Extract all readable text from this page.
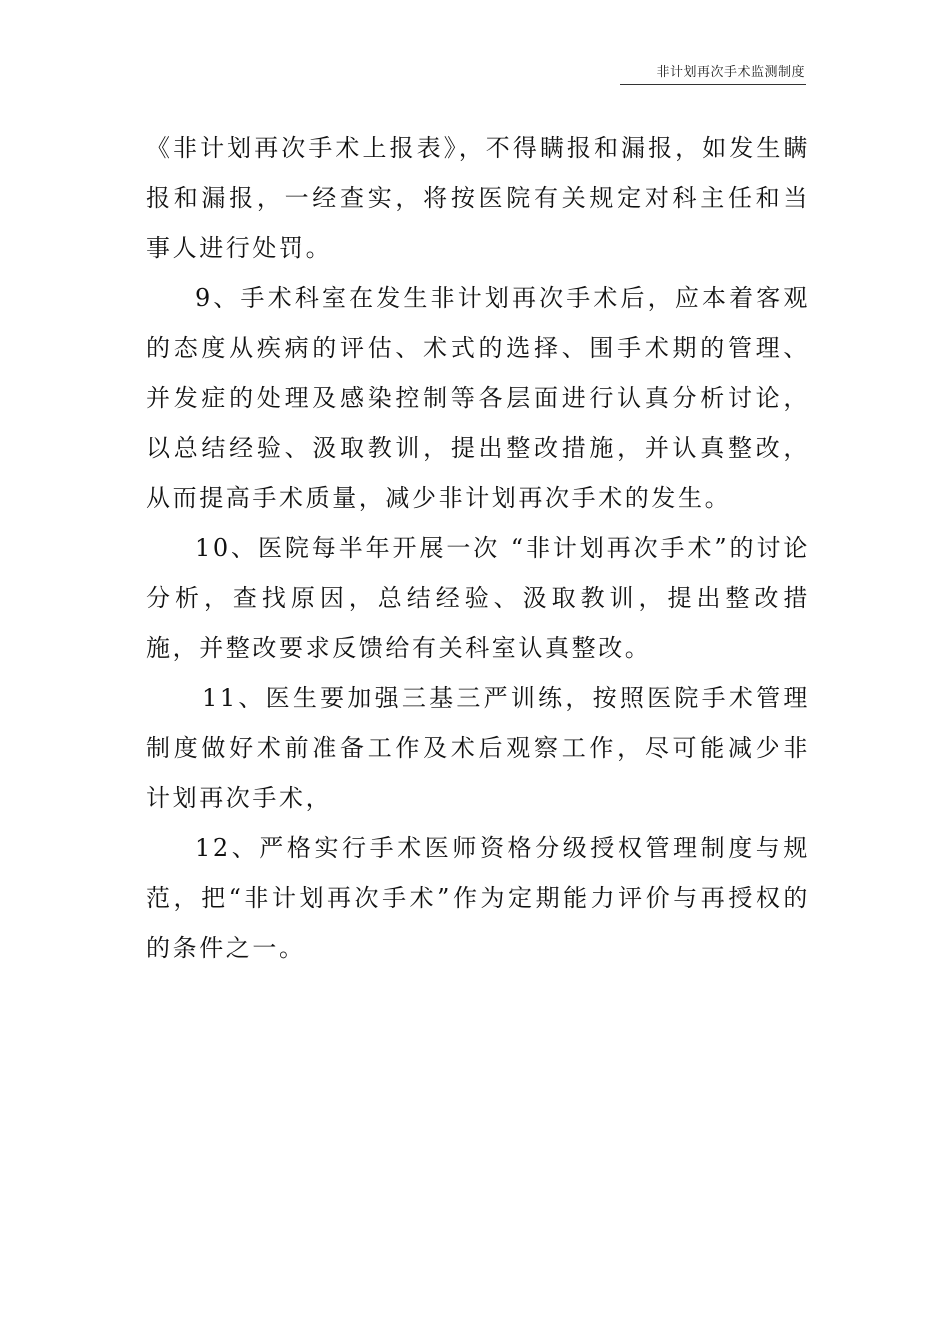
非计划再次手术监测制度

《非计划再次手术上报表》，不得瞒报和漏报，如发生瞒报和漏报，一经查实，将按医院有关规定对科主任和当事人进行处罚。

9、手术科室在发生非计划再次手术后，应本着客观的态度从疾病的评估、术式的选择、围手术期的管理、并发症的处理及感染控制等各层面进行认真分析讨论，以总结经验、汲取教训，提出整改措施，并认真整改，从而提高手术质量，减少非计划再次手术的发生。

10、医院每半年开展一次 “非计划再次手术”的讨论分析，查找原因，总结经验、汲取教训，提出整改措施，并整改要求反馈给有关科室认真整改。

11、医生要加强三基三严训练，按照医院手术管理制度做好术前准备工作及术后观察工作，尽可能减少非计划再次手术，

12、严格实行手术医师资格分级授权管理制度与规范，把“非计划再次手术”作为定期能力评价与再授权的的条件之一。
